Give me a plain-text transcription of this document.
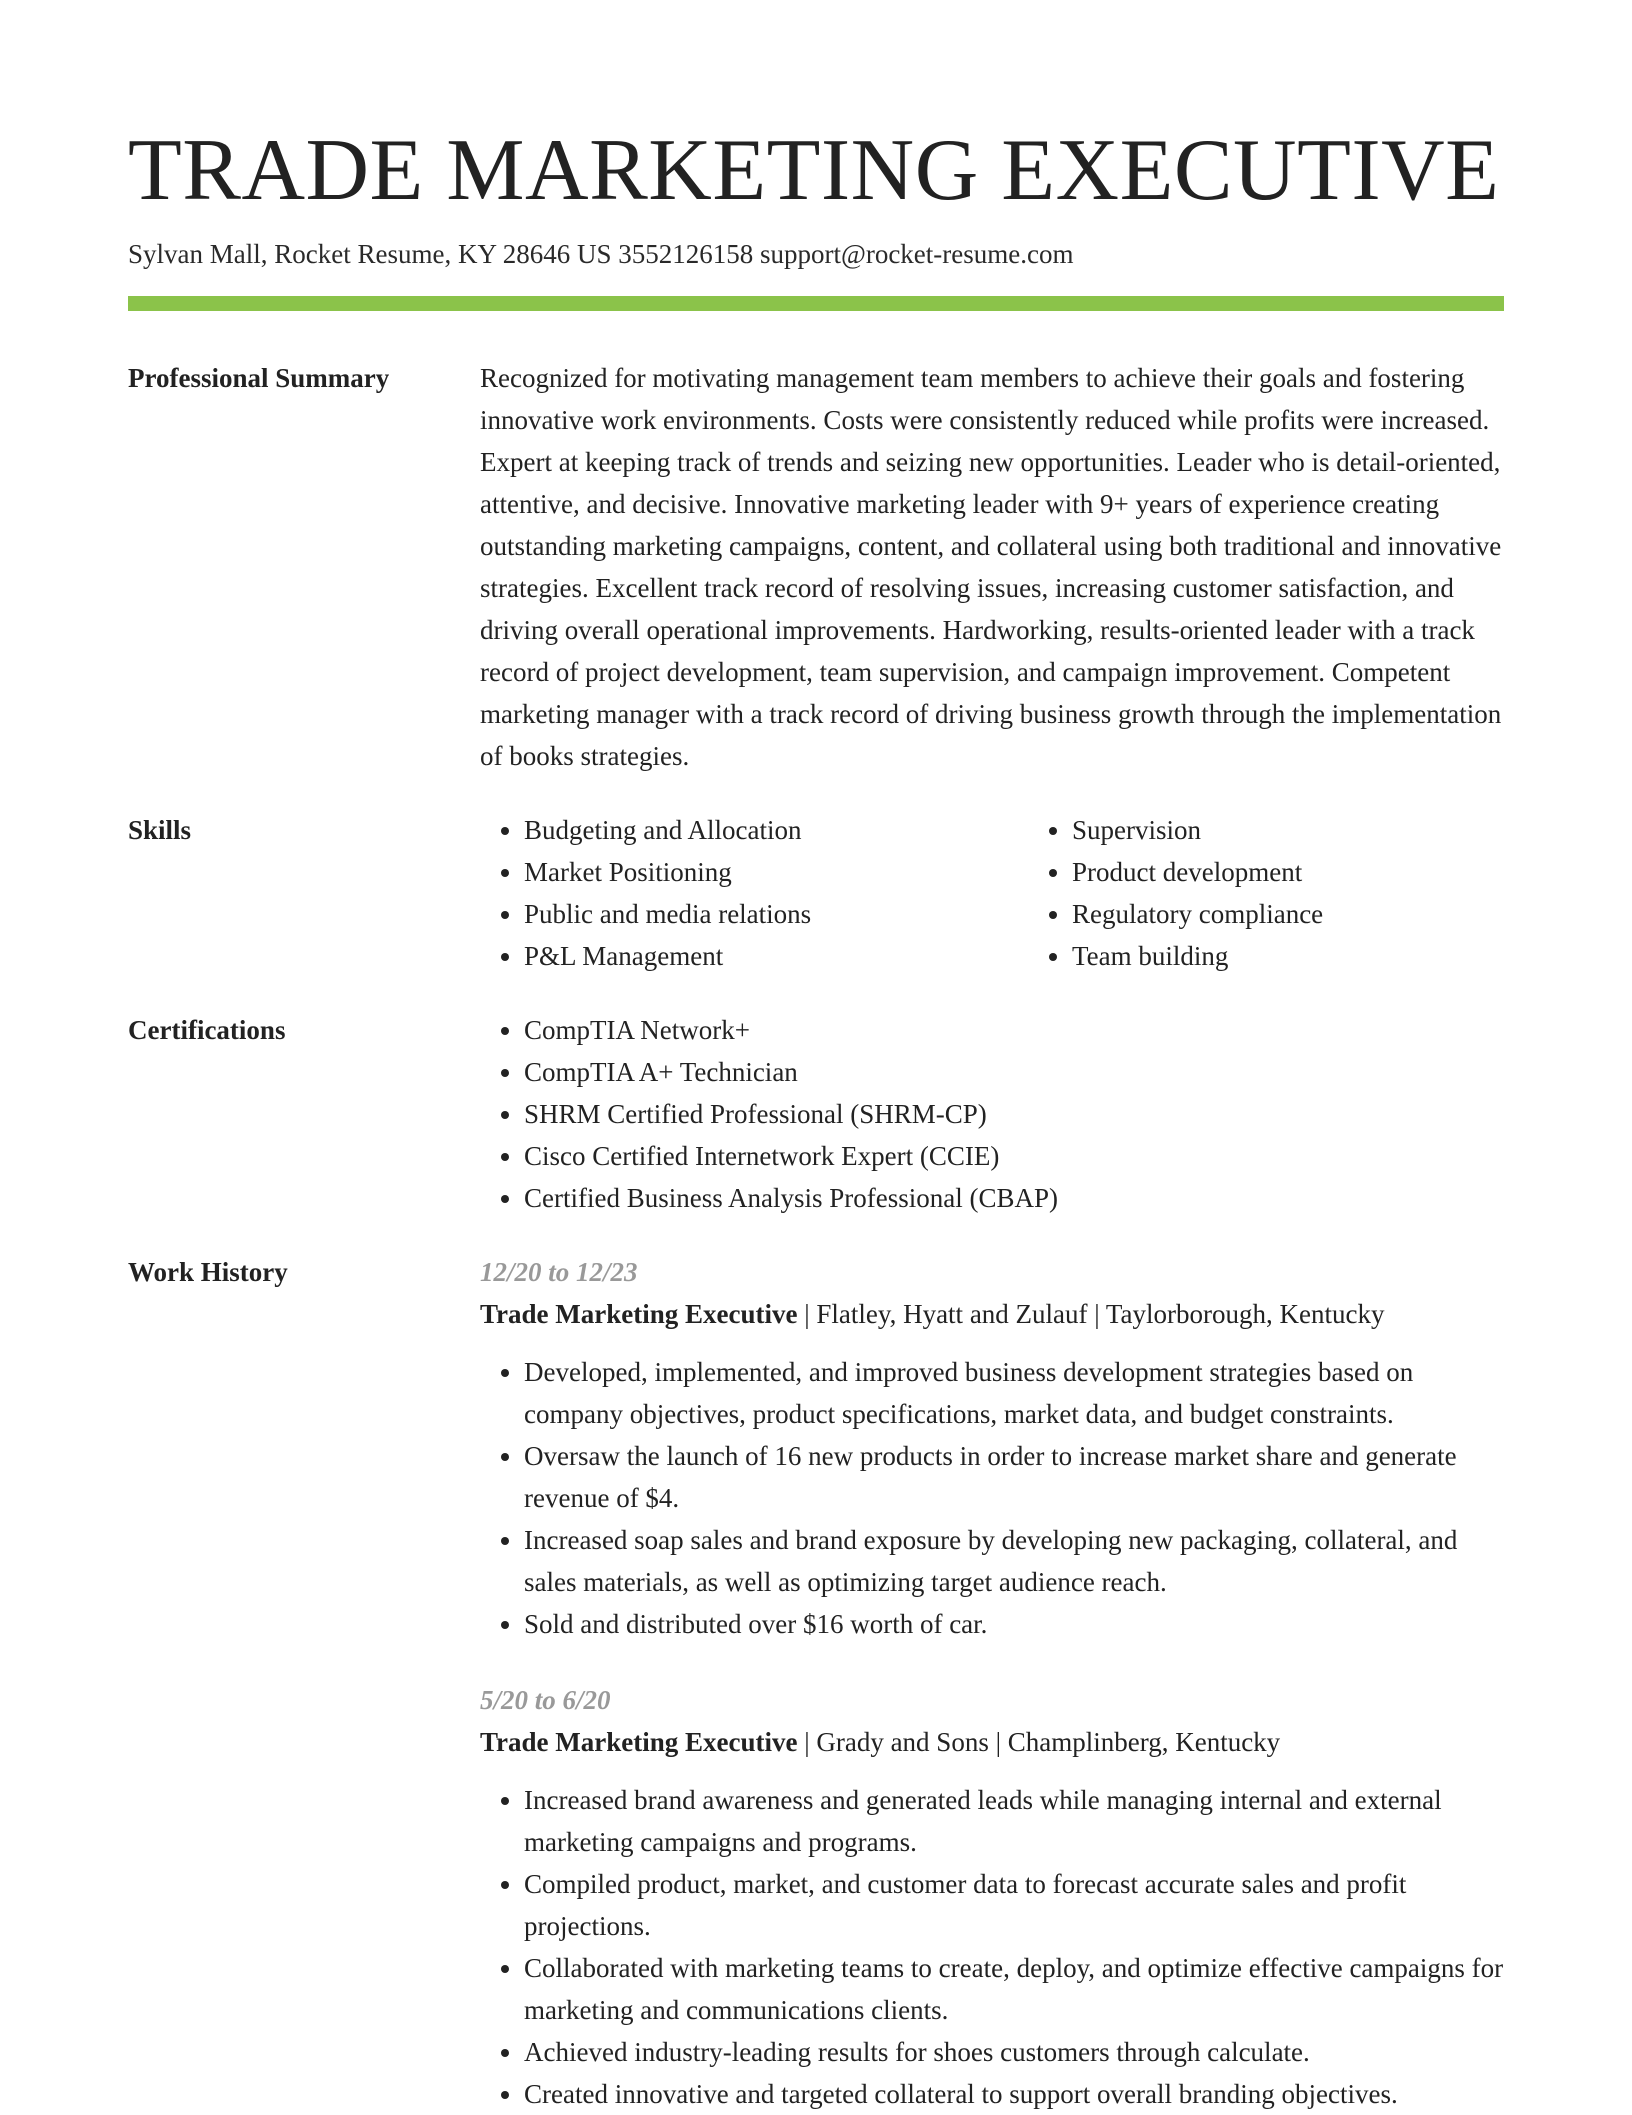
TRADE MARKETING EXECUTIVE
Sylvan Mall, Rocket Resume, KY 28646 US 3552126158 support@rocket-resume.com
Professional Summary	Recognized for motivating management team members to achieve their goals and fostering innovative work environments. Costs were consistently reduced while profits were increased. Expert at keeping track of trends and seizing new opportunities. Leader who is detail-oriented, attentive, and decisive. Innovative marketing leader with 9+ years of experience creating outstanding marketing campaigns, content, and collateral using both traditional and innovative strategies. Excellent track record of resolving issues, increasing customer satisfaction, and driving overall operational improvements. Hardworking, results-oriented leader with a track record of project development, team supervision, and campaign improvement. Competent marketing manager with a track record of driving business growth through the implementation of books strategies.

Skills	• Budgeting and Allocation
• Market Positioning
• Public and media relations
• P&L Management
• Supervision
• Product development
• Regulatory compliance
• Team building
Certifications	• CompTIA Network+
• CompTIA A+ Technician
• SHRM Certified Professional (SHRM-CP)
• Cisco Certified Internetwork Expert (CCIE)
• Certified Business Analysis Professional (CBAP)
Work History	12/20 to 12/23
Trade Marketing Executive | Flatley, Hyatt and Zulauf | Taylorborough, Kentucky
• Developed, implemented, and improved business development strategies based on company objectives, product specifications, market data, and budget constraints.
• Oversaw the launch of 16 new products in order to increase market share and generate revenue of $4.
• Increased soap sales and brand exposure by developing new packaging, collateral, and sales materials, as well as optimizing target audience reach.
• Sold and distributed over $16 worth of car.
5/20 to 6/20
Trade Marketing Executive | Grady and Sons | Champlinberg, Kentucky
• Increased brand awareness and generated leads while managing internal and external marketing campaigns and programs.
• Compiled product, market, and customer data to forecast accurate sales and profit projections.
• Collaborated with marketing teams to create, deploy, and optimize effective campaigns for marketing and communications clients.
• Achieved industry-leading results for shoes customers through calculate.
• Created innovative and targeted collateral to support overall branding objectives.
